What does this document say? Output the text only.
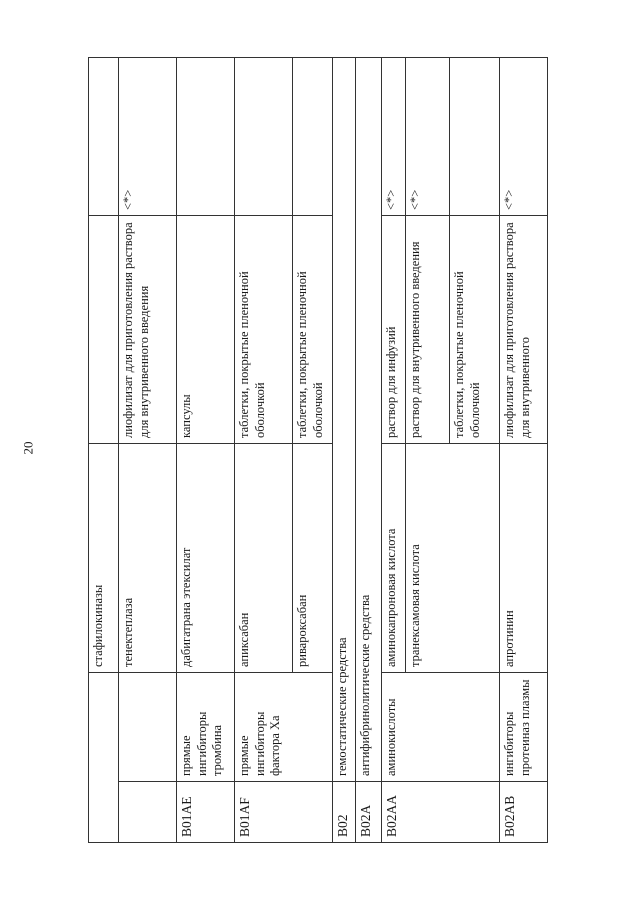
20
		стафилокиназы		
		тенектеплаза	лиофилизат для приготовления раствора для внутривенного введения	<*>
B01AE	прямые ингибиторы тромбина	дабигатрана этексилат	капсулы	
B01AF	прямые ингибиторы фактора Xa	апиксабан	таблетки, покрытые пленочной оболочкой	
		ривароксабан	таблетки, покрытые пленочной оболочкой	
B02	гемостатические средства			
B02A	антифибринолитические средства			
B02AA	аминокислоты	аминокапроновая кислота	раствор для инфузий	<*>
		транексамовая кислота	раствор для внутривенного введения	<*>
			таблетки, покрытые пленочной оболочкой	
B02AB	ингибиторы протеиназ плазмы	апротинин	лиофилизат для приготовления раствора для внутривенного	<*>
